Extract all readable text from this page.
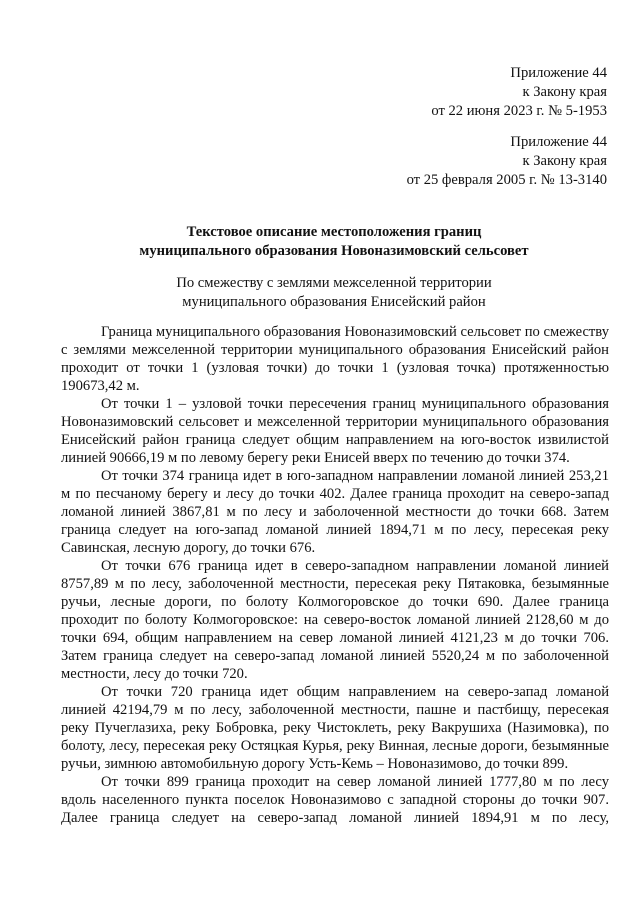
Приложение 44
к Закону края
от 22 июня 2023 г. № 5-1953
Приложение 44
к Закону края
от 25 февраля 2005 г. № 13-3140
Текстовое описание местоположения границ
муниципального образования Новоназимовский сельсовет
По смежеству с землями межселенной территории
муниципального образования Енисейский район

Граница муниципального образования Новоназимовский сельсовет по смежеству с землями межселенной территории муниципального образования Енисейский район проходит от точки 1 (узловая точки) до точки 1 (узловая точка) протяженностью 190673,42 м.

От точки 1 – узловой точки пересечения границ муниципального образования Новоназимовский сельсовет и межселенной территории муниципального образования Енисейский район граница следует общим направлением на юго-восток извилистой линией 90666,19 м по левому берегу реки Енисей вверх по течению до точки 374.

От точки 374 граница идет в юго-западном направлении ломаной линией 253,21 м по песчаному берегу и лесу до точки 402. Далее граница проходит на северо-запад ломаной линией 3867,81 м по лесу и заболоченной местности до точки 668. Затем граница следует на юго-запад ломаной линией 1894,71 м по лесу, пересекая реку Савинская, лесную дорогу, до точки 676.

От точки 676 граница идет в северо-западном направлении ломаной линией 8757,89 м по лесу, заболоченной местности, пересекая реку Пятаковка, безымянные ручьи, лесные дороги, по болоту Колмогоровское до точки 690. Далее граница проходит по болоту Колмогоровское: на северо-восток ломаной линией 2128,60 м до точки 694, общим направлением на север ломаной линией 4121,23 м до точки 706. Затем граница следует на северо-запад ломаной линией 5520,24 м по заболоченной местности, лесу до точки 720.

От точки 720 граница идет общим направлением на северо-запад ломаной линией 42194,79 м по лесу, заболоченной местности, пашне и пастбищу, пересекая реку Пучеглазиха, реку Бобровка, реку Чистоклеть, реку Вакрушиха (Назимовка), по болоту, лесу, пересекая реку Остяцкая Курья, реку Винная, лесные дороги, безымянные ручьи, зимнюю автомобильную дорогу Усть-Кемь – Новоназимово, до точки 899.

От точки 899 граница проходит на север ломаной линией 1777,80 м по лесу вдоль населенного пункта поселок Новоназимово с западной стороны до точки 907. Далее граница следует на северо-запад ломаной линией 1894,91 м по лесу,
